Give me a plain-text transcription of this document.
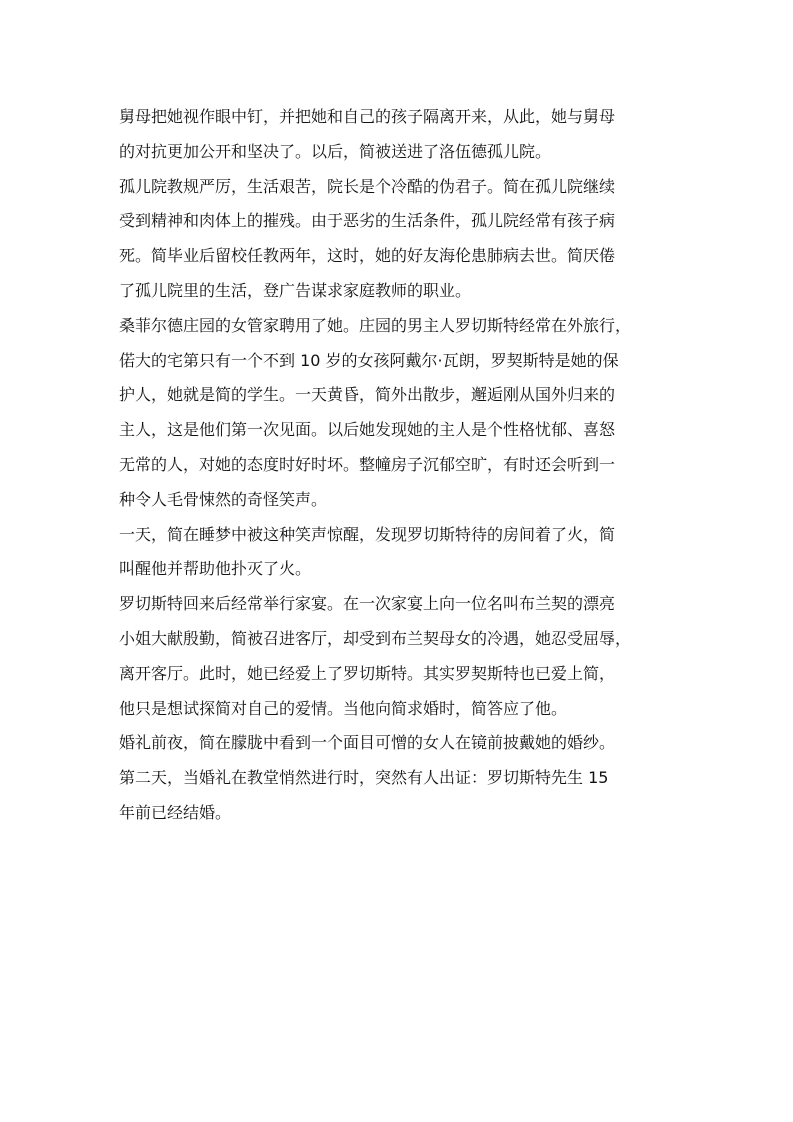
舅母把她视作眼中钉，并把她和自己的孩子隔离开来，从此，她与舅母
的对抗更加公开和坚决了。以后，简被送进了洛伍德孤儿院。
孤儿院教规严厉，生活艰苦，院长是个冷酷的伪君子。简在孤儿院继续
受到精神和肉体上的摧残。由于恶劣的生活条件，孤儿院经常有孩子病
死。简毕业后留校任教两年，这时，她的好友海伦患肺病去世。简厌倦
了孤儿院里的生活，登广告谋求家庭教师的职业。
桑菲尔德庄园的女管家聘用了她。庄园的男主人罗切斯特经常在外旅行，
偌大的宅第只有一个不到 10 岁的女孩阿戴尔·瓦朗，罗契斯特是她的保
护人，她就是简的学生。一天黄昏，简外出散步，邂逅刚从国外归来的
主人，这是他们第一次见面。以后她发现她的主人是个性格忧郁、喜怒
无常的人，对她的态度时好时坏。整幢房子沉郁空旷，有时还会听到一
种令人毛骨悚然的奇怪笑声。
一天，简在睡梦中被这种笑声惊醒，发现罗切斯特待的房间着了火，简
叫醒他并帮助他扑灭了火。
罗切斯特回来后经常举行家宴。在一次家宴上向一位名叫布兰契的漂亮
小姐大献殷勤，简被召进客厅，却受到布兰契母女的冷遇，她忍受屈辱，
离开客厅。此时，她已经爱上了罗切斯特。其实罗契斯特也已爱上简，
他只是想试探简对自己的爱情。当他向简求婚时，简答应了他。
婚礼前夜，简在朦胧中看到一个面目可憎的女人在镜前披戴她的婚纱。
第二天，当婚礼在教堂悄然进行时，突然有人出证：罗切斯特先生 15
年前已经结婚。
